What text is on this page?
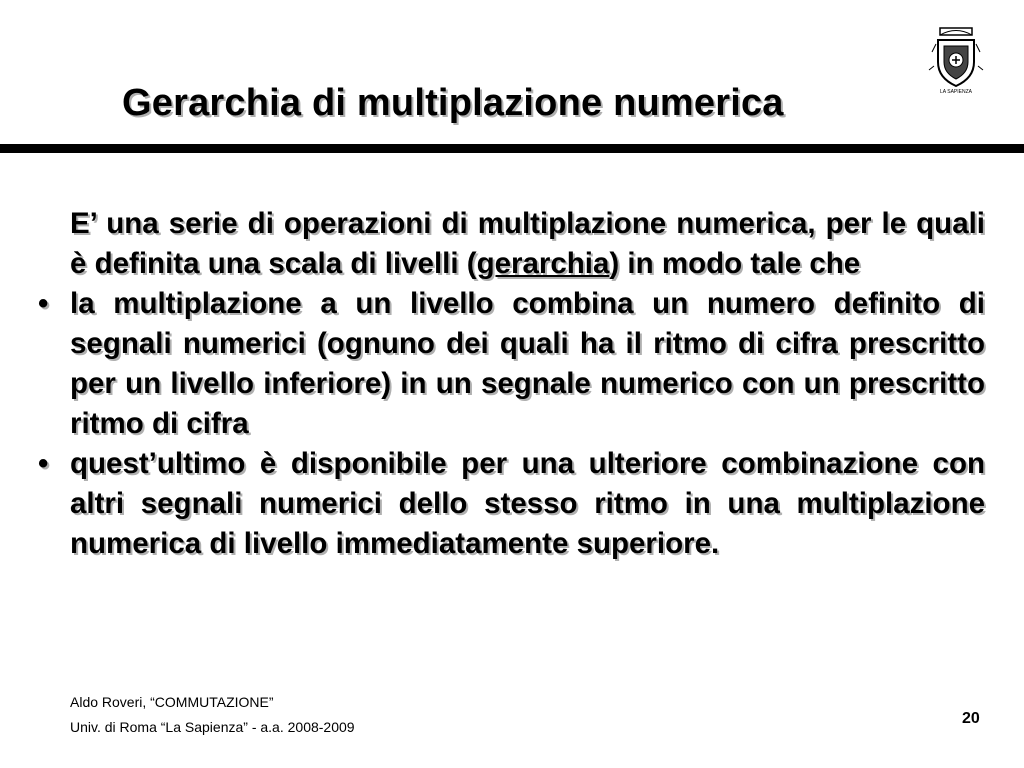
Gerarchia di multiplazione numerica	LA SAPIENZA

E’ una serie di operazioni di multiplazione numerica, per le quali è definita una scala di livelli (gerarchia) in modo tale che

• la multiplazione a un livello combina un numero definito di segnali numerici (ognuno dei quali ha il ritmo di cifra prescritto per un livello inferiore) in un segnale numerico con un prescritto ritmo di cifra

• quest’ultimo è disponibile per una ulteriore combinazione con altri segnali numerici dello stesso ritmo in una multiplazione numerica di livello immediatamente superiore.

Aldo Roveri, “COMMUTAZIONE”
Univ. di Roma “La Sapienza” - a.a. 2008-2009	20
